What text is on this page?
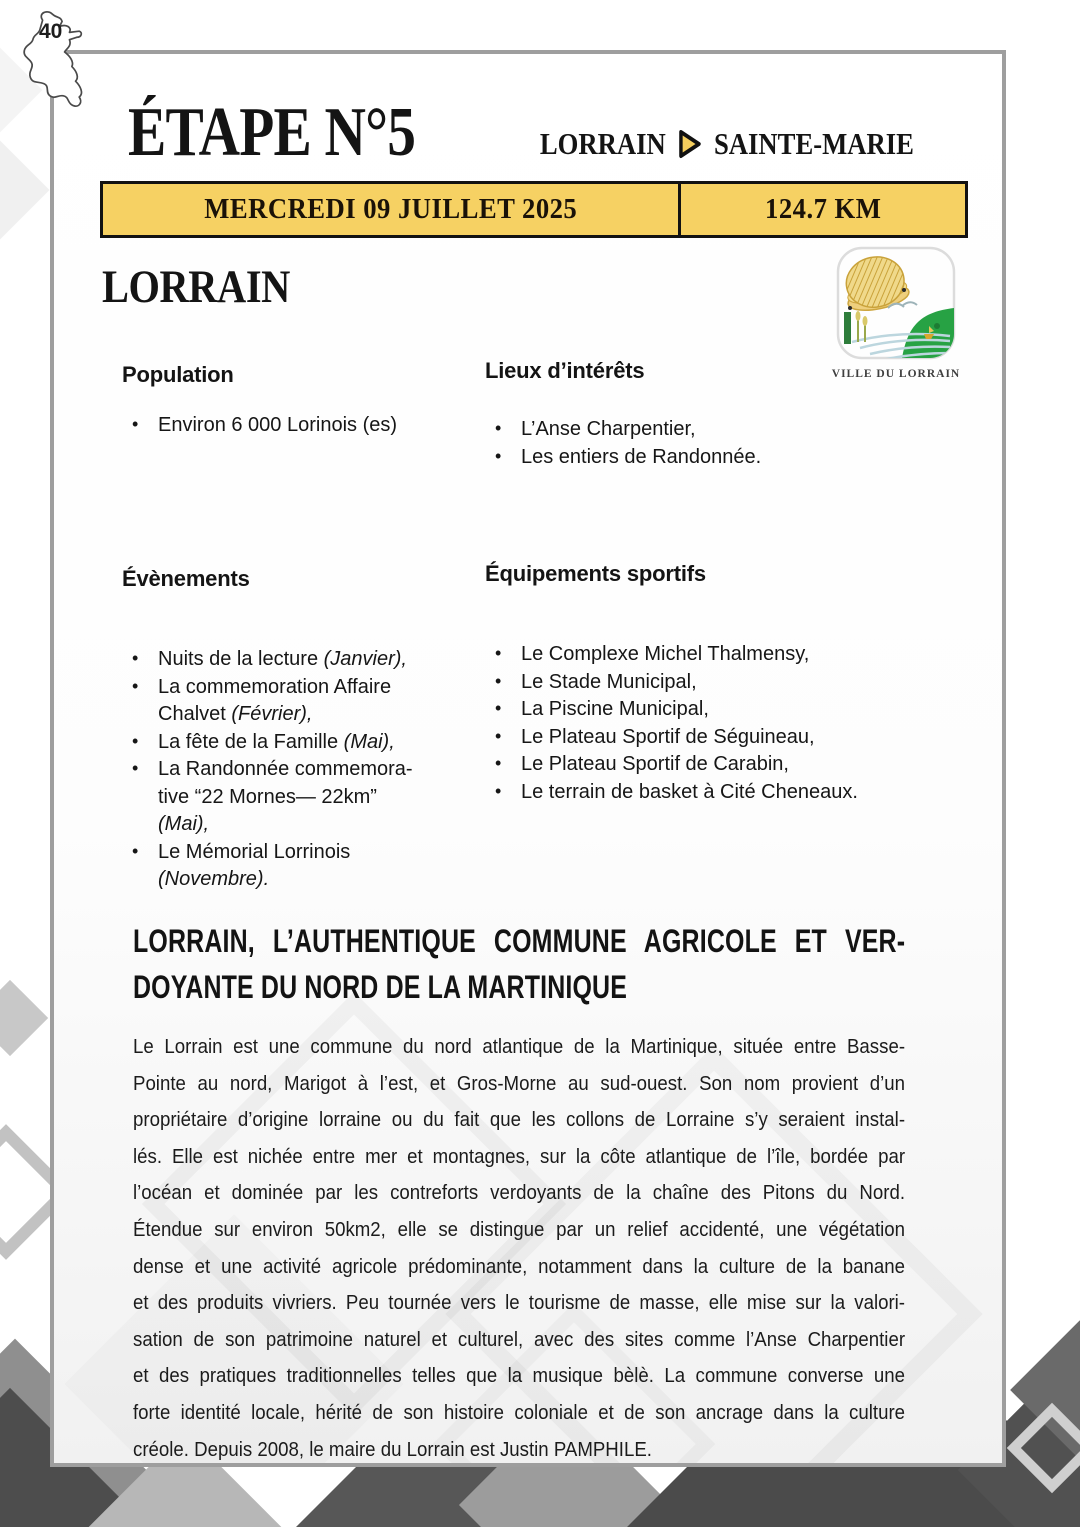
ÉTAPE N°5	LORRAIN SAINTE-MARIE
MERCREDI 09 JUILLET 2025	124.7 KM
LORRAIN
VILLE DU LORRAIN
Population
• Environ 6 000 Lorinois (es)
Lieux d’intérêts
• L’Anse Charpentier,
• Les entiers de Randonnée.
Évènements
• Nuits de la lecture (Janvier),
• La commemoration Affaire Chalvet (Février),
• La fête de la Famille (Mai),
• La Randonnée commemora-tive “22 Mornes— 22km” (Mai),
• Le Mémorial Lorrinois (Novembre).
Équipements sportifs
• Le Complexe Michel Thalmensy,
• Le Stade Municipal,
• La Piscine Municipal,
• Le Plateau Sportif de Séguineau,
• Le Plateau Sportif de Carabin,
• Le terrain de basket à Cité Cheneaux.
LORRAIN, L’AUTHENTIQUE COMMUNE AGRICOLE ET VER-
DOYANTE DU NORD DE LA MARTINIQUE
Le Lorrain est une commune du nord atlantique de la Martinique, située entre Basse-
Pointe au nord, Marigot à l’est, et Gros-Morne au sud-ouest. Son nom provient d’un
propriétaire d’origine lorraine ou du fait que les collons de Lorraine s’y seraient instal-
lés. Elle est nichée entre mer et montagnes, sur la côte atlantique de l’île, bordée par
l’océan et dominée par les contreforts verdoyants de la chaîne des Pitons du Nord.
Étendue sur environ 50km2, elle se distingue par un relief accidenté, une végétation
dense et une activité agricole prédominante, notamment dans la culture de la banane
et des produits vivriers. Peu tournée vers le tourisme de masse, elle mise sur la valori-
sation de son patrimoine naturel et culturel, avec des sites comme l’Anse Charpentier
et des pratiques traditionnelles telles que la musique bèlè. La commune converse une
forte identité locale, hérité de son histoire coloniale et de son ancrage dans la culture
créole. Depuis 2008, le maire du Lorrain est Justin PAMPHILE.
40
